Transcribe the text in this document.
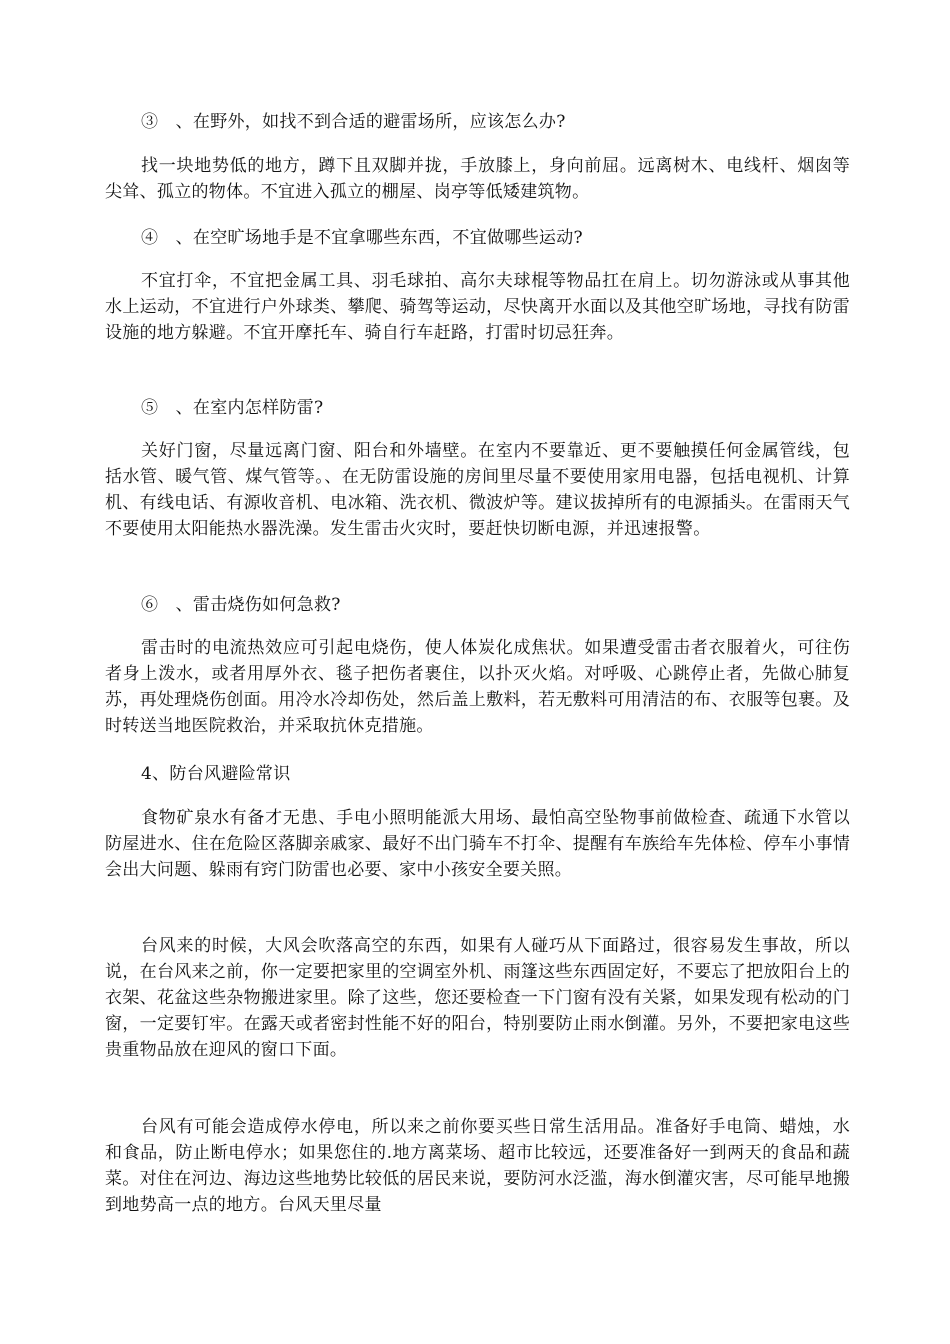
③　、在野外，如找不到合适的避雷场所，应该怎么办?

找一块地势低的地方，蹲下且双脚并拢，手放膝上，身向前屈。远离树木、电线杆、烟囱等尖耸、孤立的物体。不宜进入孤立的棚屋、岗亭等低矮建筑物。

④　、在空旷场地手是不宜拿哪些东西，不宜做哪些运动?

不宜打伞，不宜把金属工具、羽毛球拍、高尔夫球棍等物品扛在肩上。切勿游泳或从事其他水上运动，不宜进行户外球类、攀爬、骑驾等运动，尽快离开水面以及其他空旷场地，寻找有防雷设施的地方躲避。不宜开摩托车、骑自行车赶路，打雷时切忌狂奔。

⑤　、在室内怎样防雷?

关好门窗，尽量远离门窗、阳台和外墙壁。在室内不要靠近、更不要触摸任何金属管线，包括水管、暖气管、煤气管等。、在无防雷设施的房间里尽量不要使用家用电器，包括电视机、计算机、有线电话、有源收音机、电冰箱、洗衣机、微波炉等。建议拔掉所有的电源插头。在雷雨天气不要使用太阳能热水器洗澡。发生雷击火灾时，要赶快切断电源，并迅速报警。

⑥　、雷击烧伤如何急救?

雷击时的电流热效应可引起电烧伤，使人体炭化成焦状。如果遭受雷击者衣服着火，可往伤者身上泼水，或者用厚外衣、毯子把伤者裹住，以扑灭火焰。对呼吸、心跳停止者，先做心肺复苏，再处理烧伤创面。用冷水冷却伤处，然后盖上敷料，若无敷料可用清洁的布、衣服等包裹。及时转送当地医院救治，并采取抗休克措施。

4、防台风避险常识

食物矿泉水有备才无患、手电小照明能派大用场、最怕高空坠物事前做检查、疏通下水管以防屋进水、住在危险区落脚亲戚家、最好不出门骑车不打伞、提醒有车族给车先体检、停车小事情会出大问题、躲雨有窍门防雷也必要、家中小孩安全要关照。

台风来的时候，大风会吹落高空的东西，如果有人碰巧从下面路过，很容易发生事故，所以说，在台风来之前，你一定要把家里的空调室外机、雨篷这些东西固定好，不要忘了把放阳台上的衣架、花盆这些杂物搬进家里。除了这些，您还要检查一下门窗有没有关紧，如果发现有松动的门窗，一定要钉牢。在露天或者密封性能不好的阳台，特别要防止雨水倒灌。另外，不要把家电这些贵重物品放在迎风的窗口下面。

台风有可能会造成停水停电，所以来之前你要买些日常生活用品。准备好手电筒、蜡烛，水和食品，防止断电停水；如果您住的.地方离菜场、超市比较远，还要准备好一到两天的食品和蔬菜。对住在河边、海边这些地势比较低的居民来说，要防河水泛滥，海水倒灌灾害，尽可能早地搬到地势高一点的地方。台风天里尽量
